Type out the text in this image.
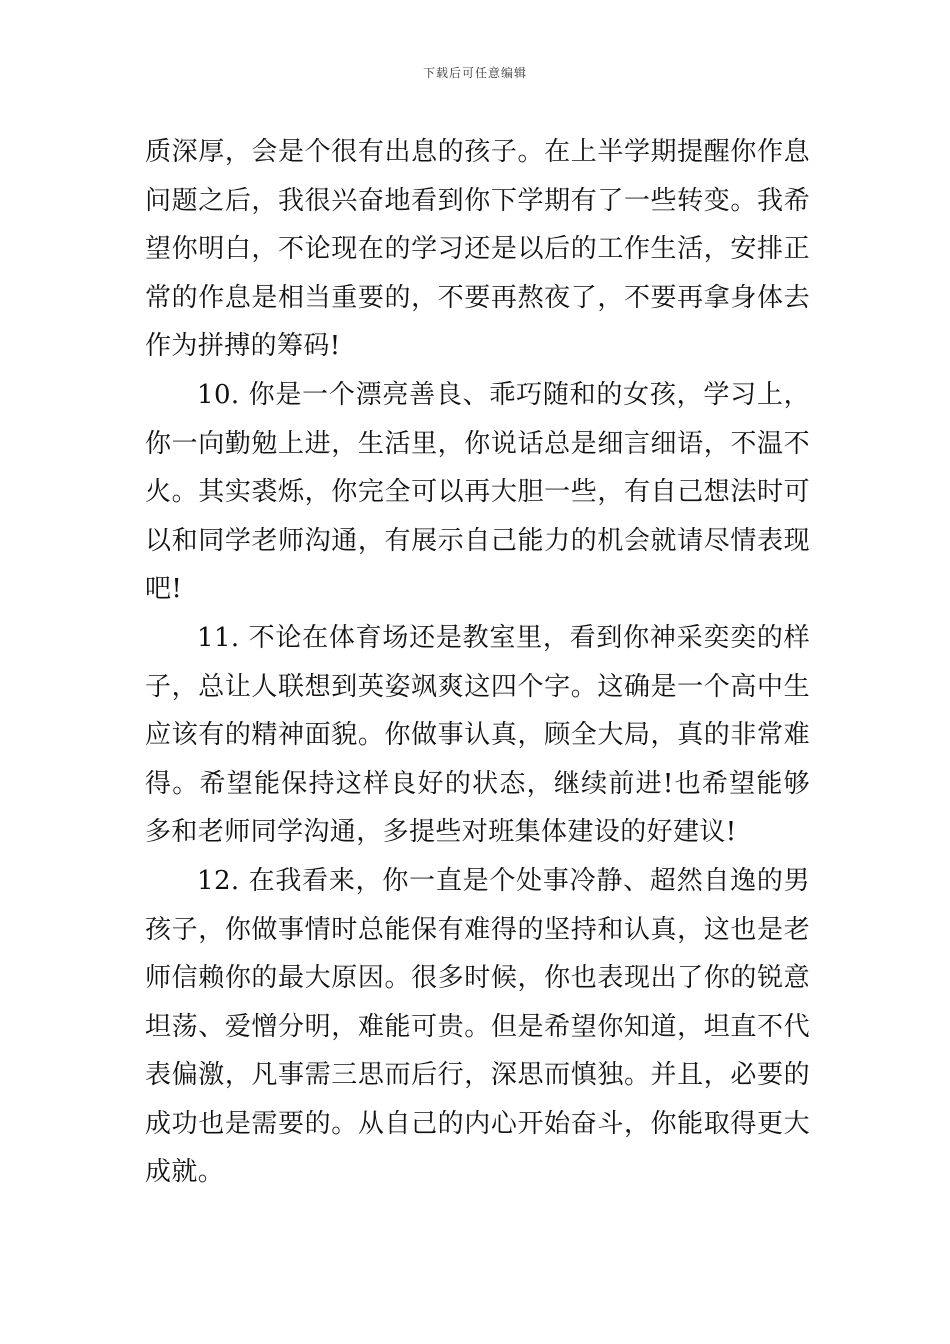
下载后可任意编辑

质深厚，会是个很有出息的孩子。在上半学期提醒你作息问题之后，我很兴奋地看到你下学期有了一些转变。我希望你明白，不论现在的学习还是以后的工作生活，安排正常的作息是相当重要的，不要再熬夜了，不要再拿身体去作为拼搏的筹码!

10. 你是一个漂亮善良、乖巧随和的女孩，学习上，你一向勤勉上进，生活里，你说话总是细言细语，不温不火。其实裘烁，你完全可以再大胆一些，有自己想法时可以和同学老师沟通，有展示自己能力的机会就请尽情表现吧!

11. 不论在体育场还是教室里，看到你神采奕奕的样子，总让人联想到英姿飒爽这四个字。这确是一个高中生应该有的精神面貌。你做事认真，顾全大局，真的非常难得。希望能保持这样良好的状态，继续前进!也希望能够多和老师同学沟通，多提些对班集体建设的好建议!

12. 在我看来，你一直是个处事冷静、超然自逸的男孩子，你做事情时总能保有难得的坚持和认真，这也是老师信赖你的最大原因。很多时候，你也表现出了你的锐意坦荡、爱憎分明，难能可贵。但是希望你知道，坦直不代表偏激，凡事需三思而后行，深思而慎独。并且，必要的成功也是需要的。从自己的内心开始奋斗，你能取得更大成就。
